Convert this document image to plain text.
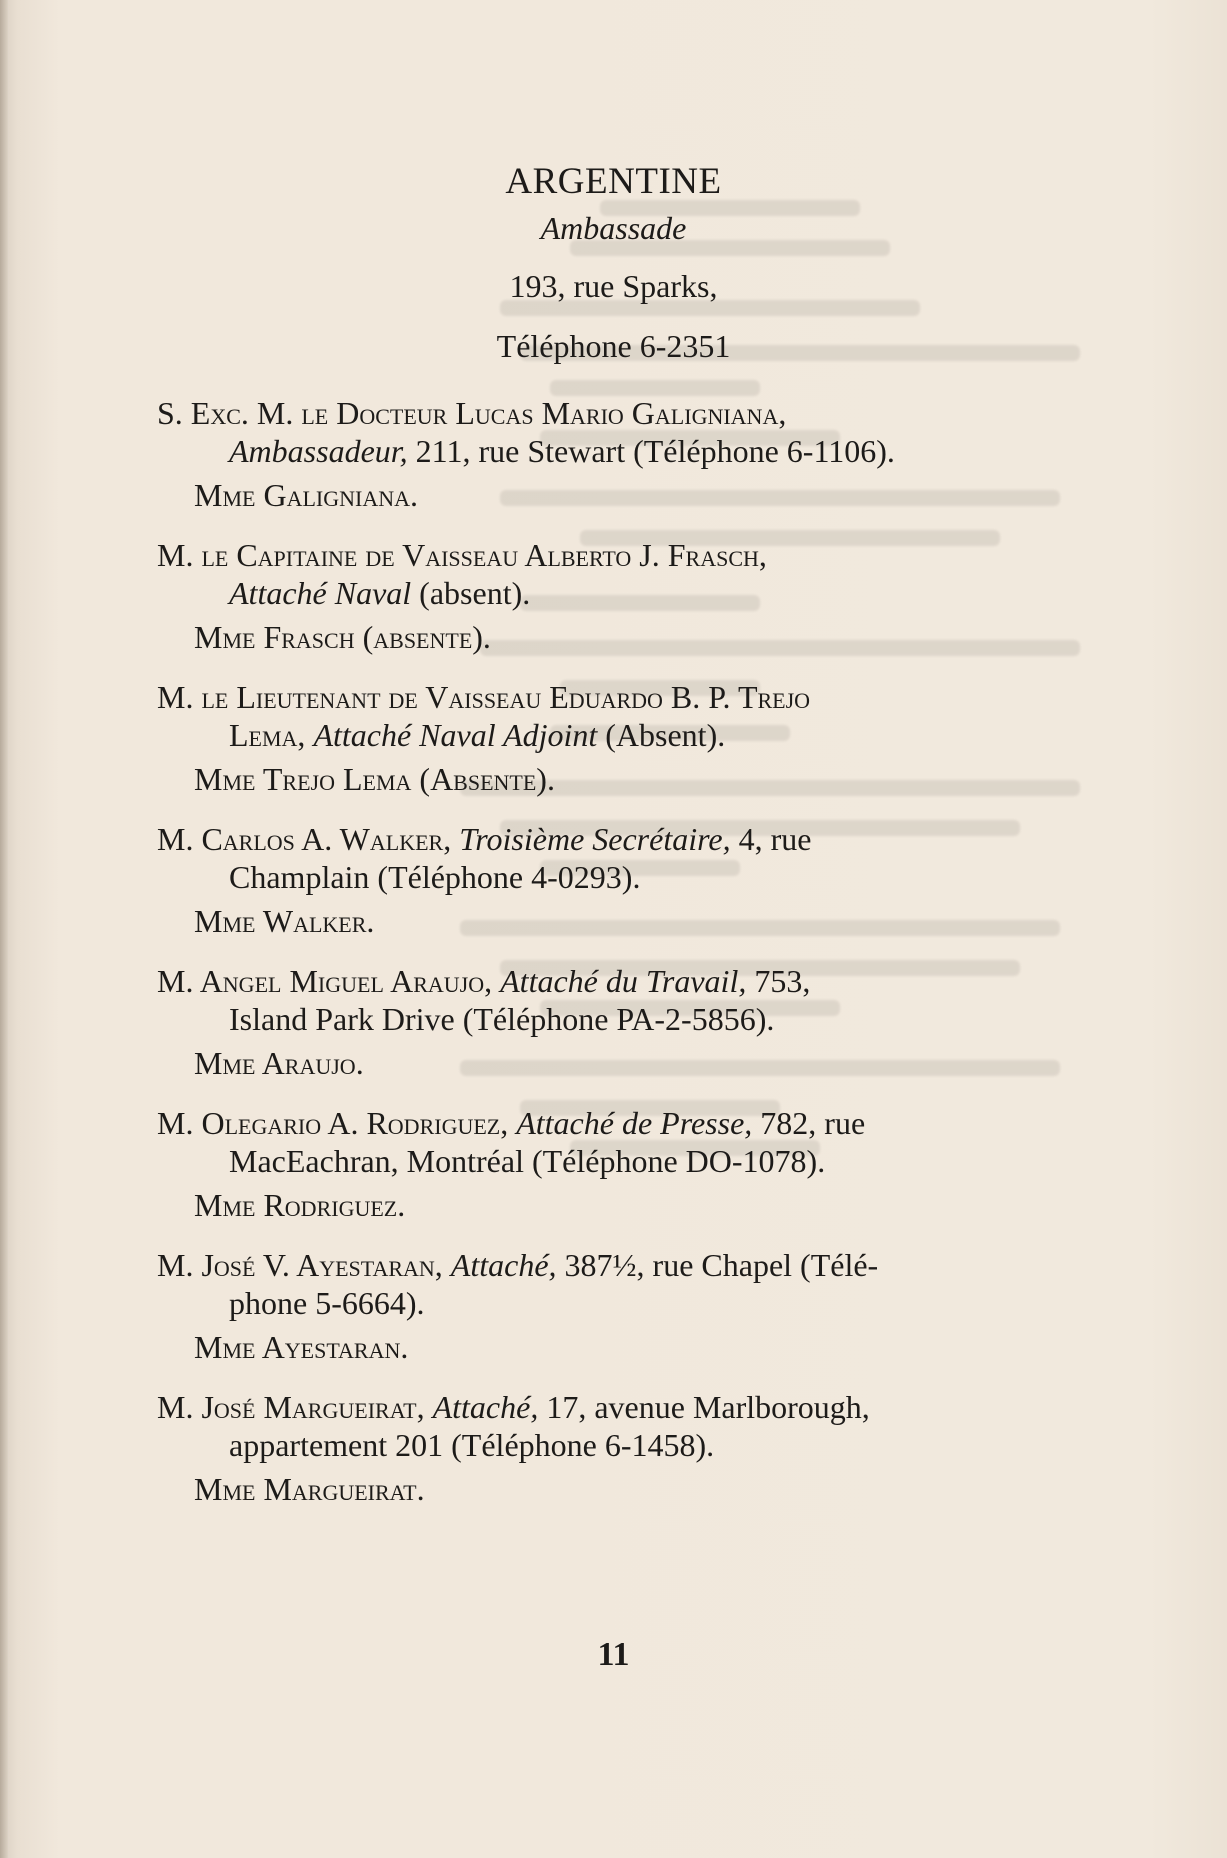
ARGENTINE
Ambassade
193, rue Sparks,
Téléphone 6-2351
S. Exc. M. le Docteur Lucas Mario Galigniana,
Ambassadeur, 211, rue Stewart (Téléphone 6-1106).
Mme Galigniana.
M. le Capitaine de Vaisseau Alberto J. Frasch,
Attaché Naval (absent).
Mme Frasch (absente).
M. le Lieutenant de Vaisseau Eduardo B. P. Trejo
Lema, Attaché Naval Adjoint (Absent).
Mme Trejo Lema (Absente).
M. Carlos A. Walker, Troisième Secrétaire, 4, rue
Champlain (Téléphone 4-0293).
Mme Walker.
M. Angel Miguel Araujo, Attaché du Travail, 753,
Island Park Drive (Téléphone PA-2-5856).
Mme Araujo.
M. Olegario A. Rodriguez, Attaché de Presse, 782, rue
MacEachran, Montréal (Téléphone DO-1078).
Mme Rodriguez.
M. José V. Ayestaran, Attaché, 387½, rue Chapel (Télé-
phone 5-6664).
Mme Ayestaran.
M. José Margueirat, Attaché, 17, avenue Marlborough,
appartement 201 (Téléphone 6-1458).
Mme Margueirat.
11
